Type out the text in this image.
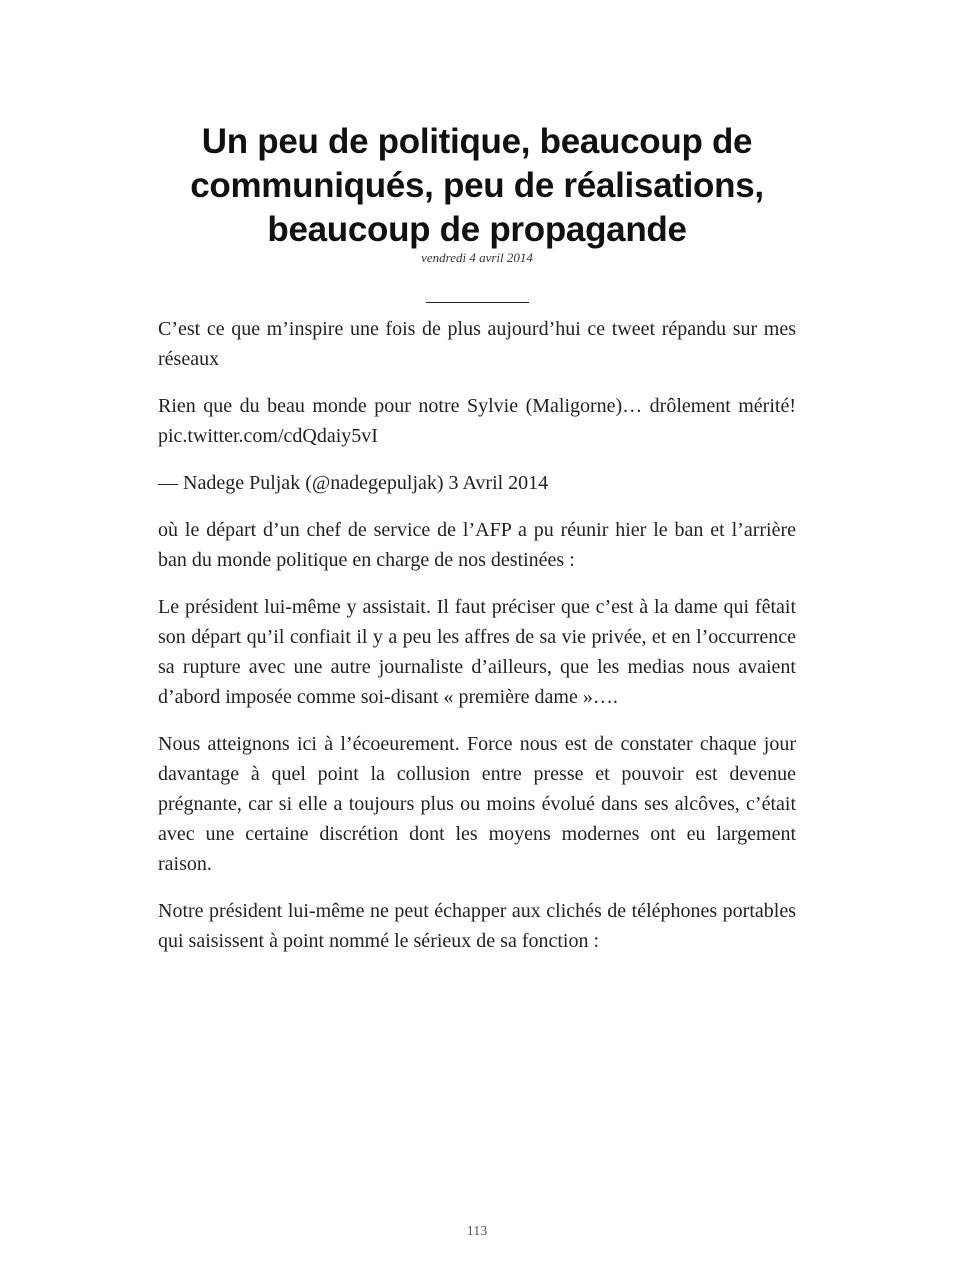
Un peu de politique, beaucoup de communiqués, peu de réalisations, beaucoup de propagande
vendredi 4 avril 2014

C’est ce que m’inspire une fois de plus aujourd’hui ce tweet répandu sur mes réseaux

Rien que du beau monde pour notre Sylvie (Maligorne)… drôlement mérité! pic.twitter.com/cdQdaiy5vI

— Nadege Puljak (@nadegepuljak) 3 Avril 2014

où le départ d’un chef de service de l’AFP a pu réunir hier le ban et l’arrière ban du monde politique en charge de nos destinées :

Le président lui-même y assistait. Il faut préciser que c’est à la dame qui fêtait son départ qu’il confiait il y a peu les affres de sa vie privée, et en l’occurrence sa rupture avec une autre journaliste d’ailleurs, que les medias nous avaient d’abord imposée comme soi-disant « première dame »….

Nous atteignons ici à l’écoeurement. Force nous est de constater chaque jour davantage à quel point la collusion entre presse et pouvoir est devenue prégnante, car si elle a toujours plus ou moins évolué dans ses alcôves, c’était avec une certaine discrétion dont les moyens modernes ont eu largement raison.

Notre président lui-même ne peut échapper aux clichés de téléphones portables qui saisissent à point nommé le sérieux de sa fonction :

113
